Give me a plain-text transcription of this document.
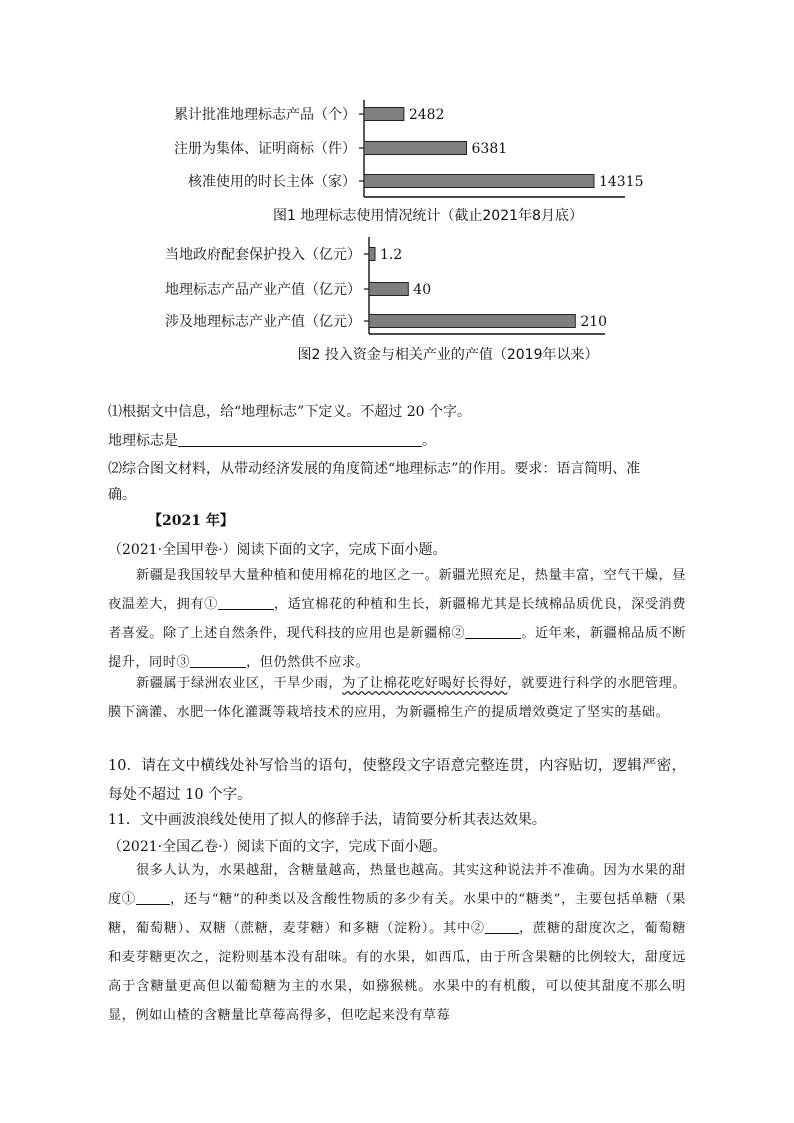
2482
累计批准地理标志产品（个）
6381
注册为集体、证明商标（件）
14315
核准使用的时长主体（家）
图1 地理标志使用情况统计（截止2021年8月底）
1.2
当地政府配套保护投入（亿元）
40
地理标志产品产业产值（亿元）
210
涉及地理标志产业产值（亿元）
图2 投入资金与相关产业的产值（2019年以来）
⑴根据文中信息，给“地理标志”下定义。不超过 20 个字。
地理标志是	。
⑵综合图文材料，从带动经济发展的角度简述“地理标志”的作用。要求：语言简明、准
确。
【2021 年】
（2021·全国甲卷·）阅读下面的文字，完成下面小题。
新疆是我国较早大量种植和使用棉花的地区之一。新疆光照充足，热量丰富，空气干燥，昼夜温差大，拥有①	，适宜棉花的种植和生长，新疆棉尤其是长绒棉品质优良，深受消费者喜爱。除了上述自然条件，现代科技的应用也是新疆棉②	。近年来，新疆棉品质不断提升，同时③	，但仍然供不应求。
新疆属于绿洲农业区，干旱少雨，为了让棉花吃好喝好长得好，就要进行科学的水肥管理。膜下滴灌、水肥一体化灌溉等栽培技术的应用，为新疆棉生产的提质增效奠定了坚实的基础。
10．请在文中横线处补写恰当的语句，使整段文字语意完整连贯，内容贴切，逻辑严密，每处不超过 10 个字。
11．文中画波浪线处使用了拟人的修辞手法，请简要分析其表达效果。
（2021·全国乙卷·）阅读下面的文字，完成下面小题。
很多人认为，水果越甜，含糖量越高，热量也越高。其实这种说法并不准确。因为水果的甜度①	，还与“糖”的种类以及含酸性物质的多少有关。水果中的“糖类”，主要包括单糖（果糖，葡萄糖）、双糖（蔗糖，麦芽糖）和多糖（淀粉）。其中②	，蔗糖的甜度次之，葡萄糖和麦芽糖更次之，淀粉则基本没有甜味。有的水果，如西瓜，由于所含果糖的比例较大，甜度远高于含糖量更高但以葡萄糖为主的水果，如猕猴桃。水果中的有机酸，可以使其甜度不那么明显，例如山楂的含糖量比草莓高得多，但吃起来没有草莓
